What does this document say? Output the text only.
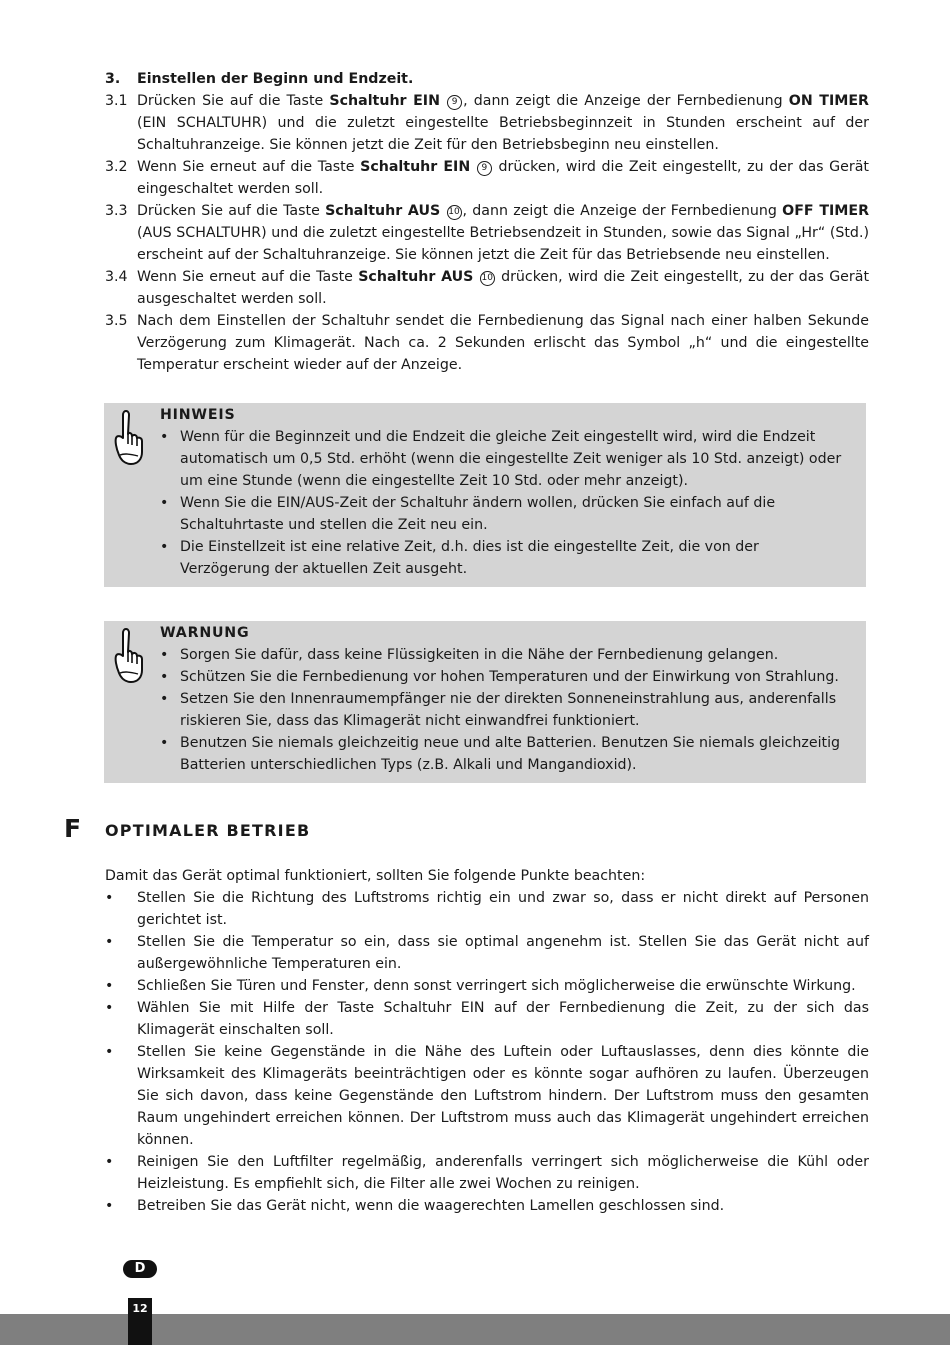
3.	Einstellen der Beginn und Endzeit.
3.1 Drücken Sie auf die Taste Schaltuhr EIN 9 , dann zeigt die Anzeige der Fernbedienung ON TIMER (EIN SCHALTUHR) und die zuletzt eingestellte Betriebsbeginnzeit in Stunden erscheint auf der Schaltuhranzeige. Sie können jetzt die Zeit für den Betriebsbeginn neu einstellen.
3.2 Wenn Sie erneut auf die Taste Schaltuhr EIN 9 drücken, wird die Zeit eingestellt, zu der das Gerät eingeschaltet werden soll.
3.3 Drücken Sie auf die Taste Schaltuhr AUS 10 , dann zeigt die Anzeige der Fernbedienung OFF TIMER (AUS SCHALTUHR) und die zuletzt eingestellte Betriebsendzeit in Stunden, sowie das Signal „Hr“ (Std.) erscheint auf der Schaltuhranzeige. Sie können jetzt die Zeit für das Betriebsende neu einstellen.
3.4 Wenn Sie erneut auf die Taste Schaltuhr AUS 10 drücken, wird die Zeit eingestellt, zu der das Gerät ausgeschaltet werden soll.
3.5 Nach dem Einstellen der Schaltuhr sendet die Fernbedienung das Signal nach einer halben Sekunde Verzögerung zum Klimagerät. Nach ca. 2 Sekunden erlischt das Symbol „h“ und die eingestellte Temperatur erscheint wieder auf der Anzeige.
HINWEIS
• Wenn für die Beginnzeit und die Endzeit die gleiche Zeit eingestellt wird, wird die Endzeit automatisch um 0,5 Std. erhöht (wenn die eingestellte Zeit weniger als 10 Std. anzeigt) oder um eine Stunde (wenn die eingestellte Zeit 10 Std. oder mehr anzeigt).
• Wenn Sie die EIN/AUS-Zeit der Schaltuhr ändern wollen, drücken Sie einfach auf die Schaltuhrtaste und stellen die Zeit neu ein.
• Die Einstellzeit ist eine relative Zeit, d.h. dies ist die eingestellte Zeit, die von der Verzögerung der aktuellen Zeit ausgeht.
WARNUNG
• Sorgen Sie dafür, dass keine Flüssigkeiten in die Nähe der Fernbedienung gelangen.
• Schützen Sie die Fernbedienung vor hohen Temperaturen und der Einwirkung von Strahlung.
• Setzen Sie den Innenraumempfänger nie der direkten Sonneneinstrahlung aus, anderenfalls riskieren Sie, dass das Klimagerät nicht einwandfrei funktioniert.
• Benutzen Sie niemals gleichzeitig neue und alte Batterien. Benutzen Sie niemals gleichzeitig Batterien unterschiedlichen Typs (z.B. Alkali und Mangandioxid).
F OPTIMALER BETRIEB

Damit das Gerät optimal funktioniert, sollten Sie folgende Punkte beachten:

•	Stellen Sie die Richtung des Luftstroms richtig ein und zwar so, dass er nicht direkt auf Personen gerichtet ist.
•	Stellen Sie die Temperatur so ein, dass sie optimal angenehm ist. Stellen Sie das Gerät nicht auf außergewöhnliche Temperaturen ein.
•	Schließen Sie Türen und Fenster, denn sonst verringert sich möglicherweise die erwünschte Wirkung.
•	Wählen Sie mit Hilfe der Taste Schaltuhr EIN auf der Fernbedienung die Zeit, zu der sich das Klimagerät einschalten soll.
•	Stellen Sie keine Gegenstände in die Nähe des Luftein oder Luftauslasses, denn dies könnte die Wirksamkeit des Klimageräts beeinträchtigen oder es könnte sogar aufhören zu laufen. Überzeugen Sie sich davon, dass keine Gegenstände den Luftstrom hindern. Der Luftstrom muss den gesamten Raum ungehindert erreichen können. Der Luftstrom muss auch das Klimagerät ungehindert erreichen können.
•	Reinigen Sie den Luftfilter regelmäßig, anderenfalls verringert sich möglicherweise die Kühl oder Heizleistung. Es empfiehlt sich, die Filter alle zwei Wochen zu reinigen.
•	Betreiben Sie das Gerät nicht, wenn die waagerechten Lamellen geschlossen sind.
D
12
